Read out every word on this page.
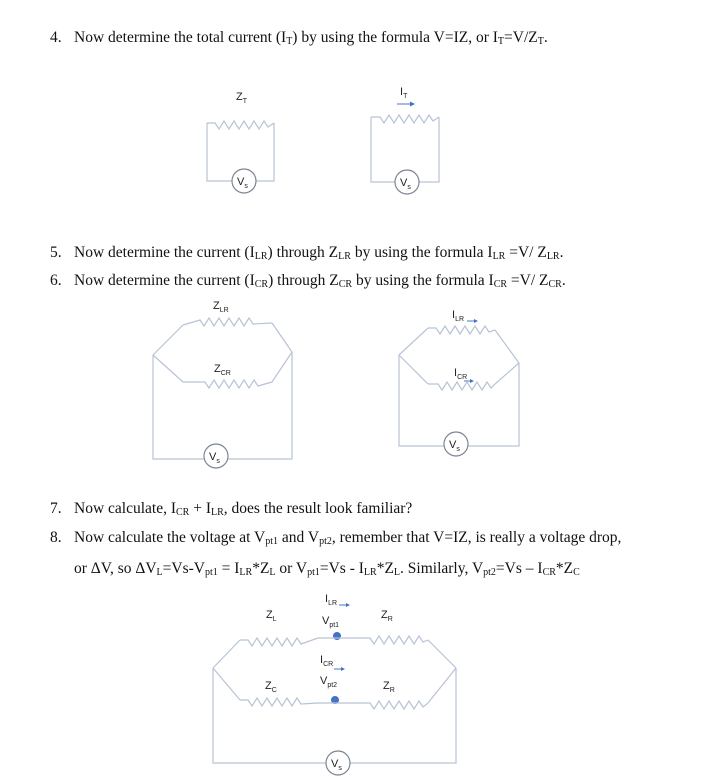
4. Now determine the total current $(I_T)$ by using the formula V=IZ, or $I_T=V/Z_T$.
5. Now determine the current $(I_{LR})$ through $Z_{LR}$ by using the formula $I_{LR} =V/$ $Z_{LR}$.
6. Now determine the current $(I_{CR})$ through $Z_{CR}$ by using the formula $I_{CR} =V/$ $Z_{CR}$.
7. Now calculate, $I_{CR} + I_{LR}$, does the result look familiar?
8. Now calculate the voltage at $V_{pt1}$ and $V_{pt2}$, remember that V=IZ, is really a voltage drop,
or ΔV, so $\Delta V_L=Vs-V_{pt1} = I_{LR}*Z_L$ or $V_{pt1}=Vs - I_{LR}*Z_L$. Similarly, $V_{pt2}=Vs - I_{CR}*Z_C$
$Z_T$
$V_s$
$I_T$
$V_s$
$Z_{LR}$
$Z_{CR}$
$V_s$
$I_{LR}$
$I_{CR}$
$V_s$
$Z_L$	$Z_R$
$I_{LR}$
$V_{pt1}$
$I_{CR}$
$V_{pt2}$
$Z_C$	$Z_R$
$V_s$
